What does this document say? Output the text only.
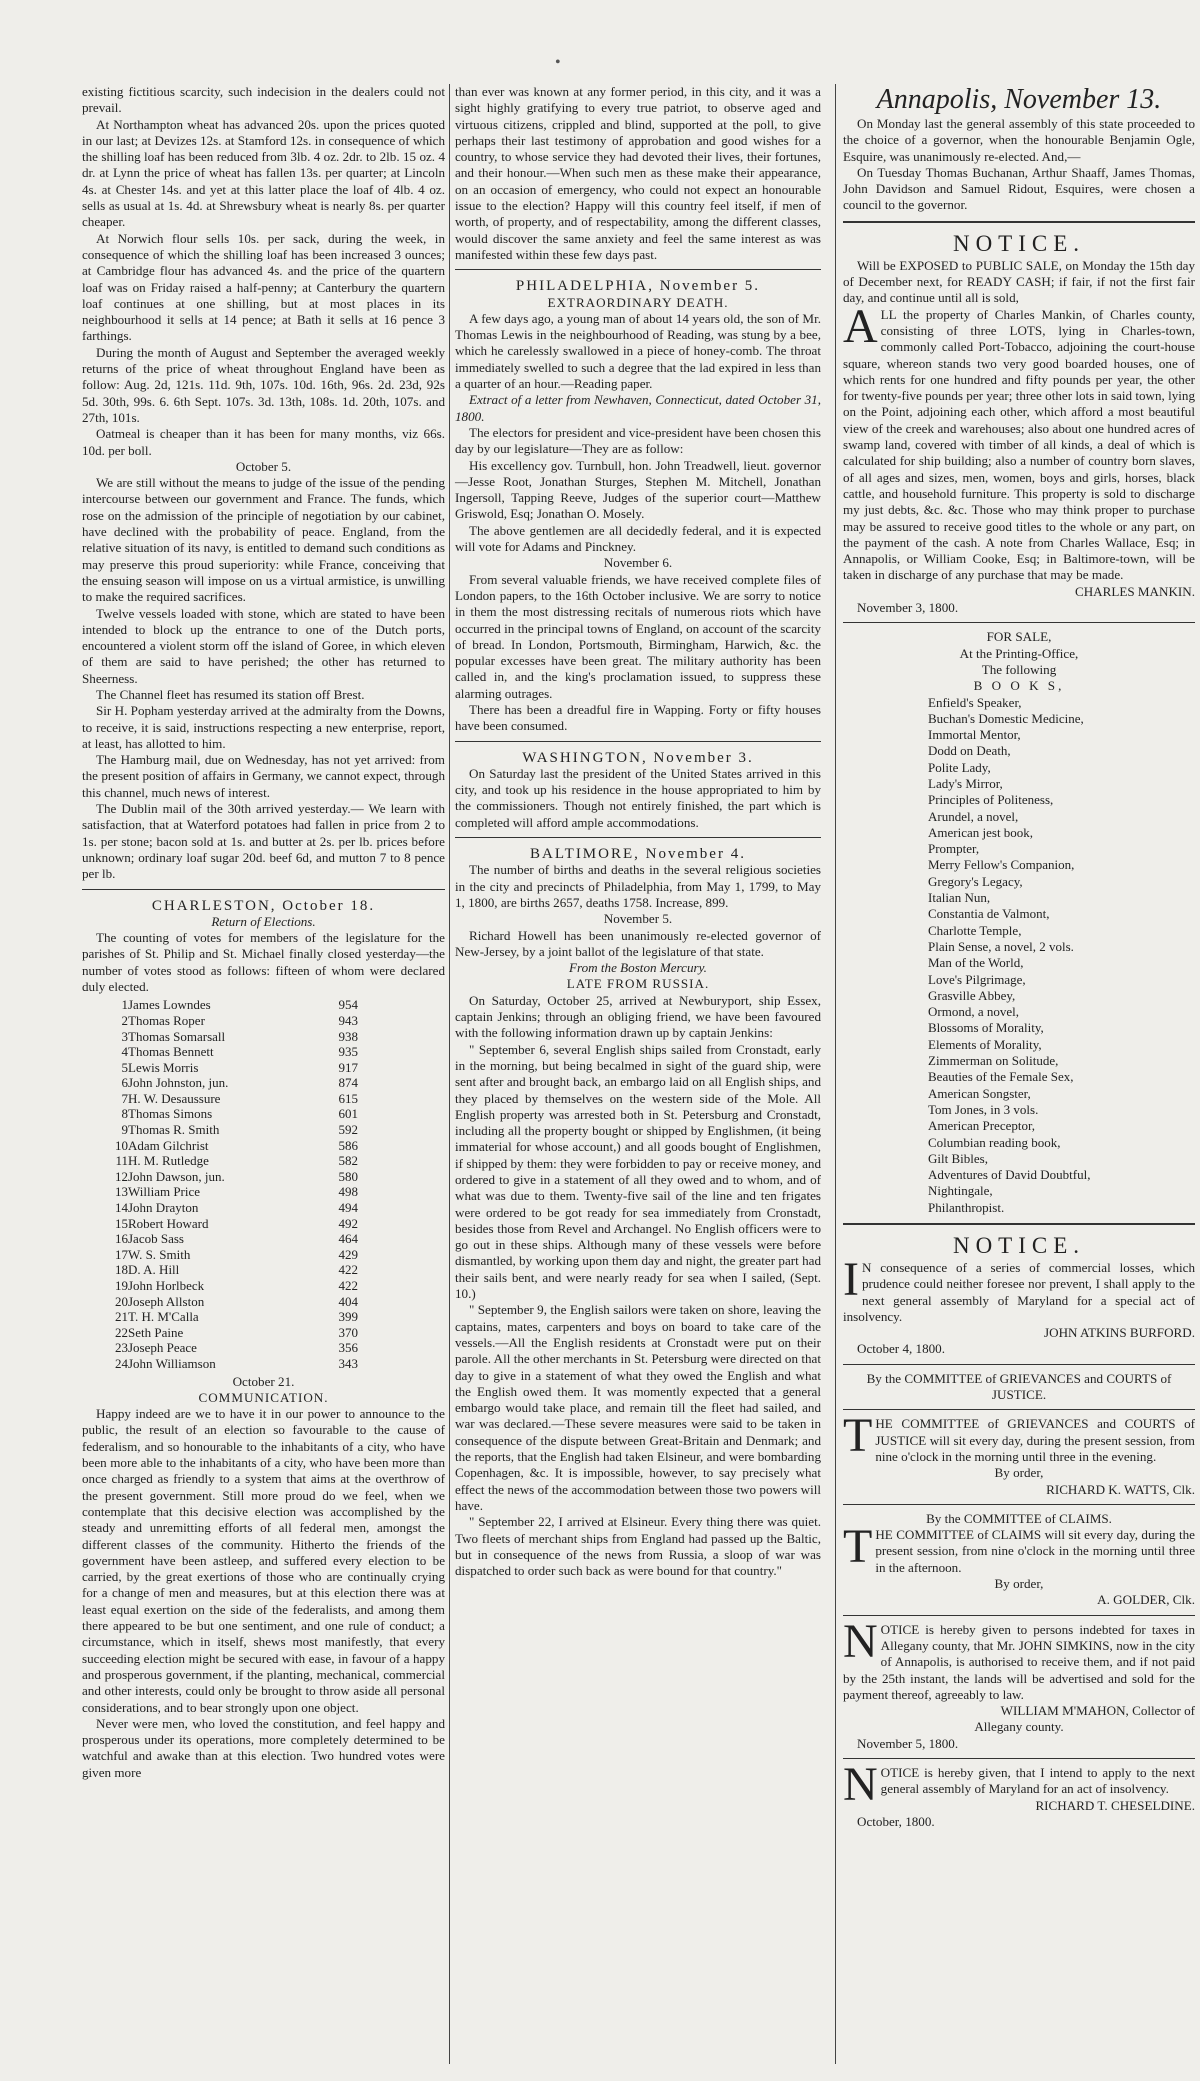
•

existing fictitious scarcity, such indecision in the dealers could not prevail.

At Northampton wheat has advanced 20s. upon the prices quoted in our last; at Devizes 12s. at Stamford 12s. in consequence of which the shilling loaf has been reduced from 3lb. 4 oz. 2dr. to 2lb. 15 oz. 4 dr. at Lynn the price of wheat has fallen 13s. per quarter; at Lincoln 4s. at Chester 14s. and yet at this latter place the loaf of 4lb. 4 oz. sells as usual at 1s. 4d. at Shrewsbury wheat is nearly 8s. per quarter cheaper.

At Norwich flour sells 10s. per sack, during the week, in consequence of which the shilling loaf has been increased 3 ounces; at Cambridge flour has advanced 4s. and the price of the quartern loaf was on Friday raised a half-penny; at Canterbury the quartern loaf continues at one shilling, but at most places in its neighbourhood it sells at 14 pence; at Bath it sells at 16 pence 3 farthings.

During the month of August and September the averaged weekly returns of the price of wheat throughout England have been as follow: Aug. 2d, 121s. 11d. 9th, 107s. 10d. 16th, 96s. 2d. 23d, 92s 5d. 30th, 99s. 6. 6th Sept. 107s. 3d. 13th, 108s. 1d. 20th, 107s. and 27th, 101s.

Oatmeal is cheaper than it has been for many months, viz 66s. 10d. per boll.

October 5.

We are still without the means to judge of the issue of the pending intercourse between our government and France. The funds, which rose on the admission of the principle of negotiation by our cabinet, have declined with the probability of peace. England, from the relative situation of its navy, is entitled to demand such conditions as may preserve this proud superiority: while France, conceiving that the ensuing season will impose on us a virtual armistice, is unwilling to make the required sacrifices.

Twelve vessels loaded with stone, which are stated to have been intended to block up the entrance to one of the Dutch ports, encountered a violent storm off the island of Goree, in which eleven of them are said to have perished; the other has returned to Sheerness.

The Channel fleet has resumed its station off Brest.

Sir H. Popham yesterday arrived at the admiralty from the Downs, to receive, it is said, instructions respecting a new enterprise, report, at least, has allotted to him.

The Hamburg mail, due on Wednesday, has not yet arrived: from the present position of affairs in Germany, we cannot expect, through this channel, much news of interest.

The Dublin mail of the 30th arrived yesterday.— We learn with satisfaction, that at Waterford potatoes had fallen in price from 2 to 1s. per stone; bacon sold at 1s. and butter at 2s. per lb. prices before unknown; ordinary loaf sugar 20d. beef 6d, and mutton 7 to 8 pence per lb.

CHARLESTON, October 18.

Return of Elections.

The counting of votes for members of the legislature for the parishes of St. Philip and St. Michael finally closed yesterday—the number of votes stood as follows: fifteen of whom were declared duly elected.

1	James Lowndes	954
2	Thomas Roper	943
3	Thomas Somarsall	938
4	Thomas Bennett	935
5	Lewis Morris	917
6	John Johnston, jun.	874
7	H. W. Desaussure	615
8	Thomas Simons	601
9	Thomas R. Smith	592
10	Adam Gilchrist	586
11	H. M. Rutledge	582
12	John Dawson, jun.	580
13	William Price	498
14	John Drayton	494
15	Robert Howard	492
16	Jacob Sass	464
17	W. S. Smith	429
18	D. A. Hill	422
19	John Horlbeck	422
20	Joseph Allston	404
21	T. H. M'Calla	399
22	Seth Paine	370
23	Joseph Peace	356
24	John Williamson	343

October 21.

COMMUNICATION.

Happy indeed are we to have it in our power to announce to the public, the result of an election so favourable to the cause of federalism, and so honourable to the inhabitants of a city, who have been more able to the inhabitants of a city, who have been more than once charged as friendly to a system that aims at the overthrow of the present government. Still more proud do we feel, when we contemplate that this decisive election was accomplished by the steady and unremitting efforts of all federal men, amongst the different classes of the community. Hitherto the friends of the government have been astleep, and suffered every election to be carried, by the great exertions of those who are continually crying for a change of men and measures, but at this election there was at least equal exertion on the side of the federalists, and among them there appeared to be but one sentiment, and one rule of conduct; a circumstance, which in itself, shews most manifestly, that every succeeding election might be secured with ease, in favour of a happy and prosperous government, if the planting, mechanical, commercial and other interests, could only be brought to throw aside all personal considerations, and to bear strongly upon one object.

Never were men, who loved the constitution, and feel happy and prosperous under its operations, more completely determined to be watchful and awake than at this election. Two hundred votes were given more

than ever was known at any former period, in this city, and it was a sight highly gratifying to every true patriot, to observe aged and virtuous citizens, crippled and blind, supported at the poll, to give perhaps their last testimony of approbation and good wishes for a country, to whose service they had devoted their lives, their fortunes, and their honour.—When such men as these make their appearance, on an occasion of emergency, who could not expect an honourable issue to the election? Happy will this country feel itself, if men of worth, of property, and of respectability, among the different classes, would discover the same anxiety and feel the same interest as was manifested within these few days past.

PHILADELPHIA, November 5.

EXTRAORDINARY DEATH.

A few days ago, a young man of about 14 years old, the son of Mr. Thomas Lewis in the neighbourhood of Reading, was stung by a bee, which he carelessly swallowed in a piece of honey-comb. The throat immediately swelled to such a degree that the lad expired in less than a quarter of an hour.—Reading paper.

Extract of a letter from Newhaven, Connecticut, dated October 31, 1800.

The electors for president and vice-president have been chosen this day by our legislature—They are as follow:

His excellency gov. Turnbull, hon. John Treadwell, lieut. governor—Jesse Root, Jonathan Sturges, Stephen M. Mitchell, Jonathan Ingersoll, Tapping Reeve, Judges of the superior court—Matthew Griswold, Esq; Jonathan O. Mosely.

The above gentlemen are all decidedly federal, and it is expected will vote for Adams and Pinckney.

November 6.

From several valuable friends, we have received complete files of London papers, to the 16th October inclusive. We are sorry to notice in them the most distressing recitals of numerous riots which have occurred in the principal towns of England, on account of the scarcity of bread. In London, Portsmouth, Birmingham, Harwich, &c. the popular excesses have been great. The military authority has been called in, and the king's proclamation issued, to suppress these alarming outrages.

There has been a dreadful fire in Wapping. Forty or fifty houses have been consumed.

WASHINGTON, November 3.

On Saturday last the president of the United States arrived in this city, and took up his residence in the house appropriated to him by the commissioners. Though not entirely finished, the part which is completed will afford ample accommodations.

BALTIMORE, November 4.

The number of births and deaths in the several religious societies in the city and precincts of Philadelphia, from May 1, 1799, to May 1, 1800, are births 2657, deaths 1758. Increase, 899.

November 5.

Richard Howell has been unanimously re-elected governor of New-Jersey, by a joint ballot of the legislature of that state.

From the Boston Mercury.

LATE FROM RUSSIA.

On Saturday, October 25, arrived at Newburyport, ship Essex, captain Jenkins; through an obliging friend, we have been favoured with the following information drawn up by captain Jenkins:

" September 6, several English ships sailed from Cronstadt, early in the morning, but being becalmed in sight of the guard ship, were sent after and brought back, an embargo laid on all English ships, and they placed by themselves on the western side of the Mole. All English property was arrested both in St. Petersburg and Cronstadt, including all the property bought or shipped by Englishmen, (it being immaterial for whose account,) and all goods bought of Englishmen, if shipped by them: they were forbidden to pay or receive money, and ordered to give in a statement of all they owed and to whom, and of what was due to them. Twenty-five sail of the line and ten frigates were ordered to be got ready for sea immediately from Cronstadt, besides those from Revel and Archangel. No English officers were to go out in these ships. Although many of these vessels were before dismantled, by working upon them day and night, the greater part had their sails bent, and were nearly ready for sea when I sailed, (Sept. 10.)

" September 9, the English sailors were taken on shore, leaving the captains, mates, carpenters and boys on board to take care of the vessels.—All the English residents at Cronstadt were put on their parole. All the other merchants in St. Petersburg were directed on that day to give in a statement of what they owed the English and what the English owed them. It was momently expected that a general embargo would take place, and remain till the fleet had sailed, and war was declared.—These severe measures were said to be taken in consequence of the dispute between Great-Britain and Denmark; and the reports, that the English had taken Elsineur, and were bombarding Copenhagen, &c. It is impossible, however, to say precisely what effect the news of the accommodation between those two powers will have.

" September 22, I arrived at Elsineur. Every thing there was quiet. Two fleets of merchant ships from England had passed up the Baltic, but in consequence of the news from Russia, a sloop of war was dispatched to order such back as were bound for that country."

Annapolis, November 13.

On Monday last the general assembly of this state proceeded to the choice of a governor, when the honourable Benjamin Ogle, Esquire, was unanimously re-elected. And,—

On Tuesday Thomas Buchanan, Arthur Shaaff, James Thomas, John Davidson and Samuel Ridout, Esquires, were chosen a council to the governor.

NOTICE.

Will be EXPOSED to PUBLIC SALE, on Monday the 15th day of December next, for READY CASH; if fair, if not the first fair day, and continue until all is sold,

ALL the property of Charles Mankin, of Charles county, consisting of three LOTS, lying in Charles-town, commonly called Port-Tobacco, adjoining the court-house square, whereon stands two very good boarded houses, one of which rents for one hundred and fifty pounds per year, the other for twenty-five pounds per year; three other lots in said town, lying on the Point, adjoining each other, which afford a most beautiful view of the creek and warehouses; also about one hundred acres of swamp land, covered with timber of all kinds, a deal of which is calculated for ship building; also a number of country born slaves, of all ages and sizes, men, women, boys and girls, horses, black cattle, and household furniture. This property is sold to discharge my just debts, &c. &c. Those who may think proper to purchase may be assured to receive good titles to the whole or any part, on the payment of the cash. A note from Charles Wallace, Esq; in Annapolis, or William Cooke, Esq; in Baltimore-town, will be taken in discharge of any purchase that may be made.

CHARLES MANKIN.

November 3, 1800.

FOR SALE,

At the Printing-Office,

The following

B O O K S,

Enfield's Speaker,
Buchan's Domestic Medicine,
Immortal Mentor,
Dodd on Death,
Polite Lady,
Lady's Mirror,
Principles of Politeness,
Arundel, a novel,
American jest book,
Prompter,
Merry Fellow's Companion,
Gregory's Legacy,
Italian Nun,
Constantia de Valmont,
Charlotte Temple,
Plain Sense, a novel, 2 vols.
Man of the World,
Love's Pilgrimage,
Grasville Abbey,
Ormond, a novel,
Blossoms of Morality,
Elements of Morality,
Zimmerman on Solitude,
Beauties of the Female Sex,
American Songster,
Tom Jones, in 3 vols.
American Preceptor,
Columbian reading book,
Gilt Bibles,
Adventures of David Doubtful,
Nightingale,
Philanthropist.

NOTICE.

I N consequence of a series of commercial losses, which prudence could neither foresee nor prevent, I shall apply to the next general assembly of Maryland for a special act of insolvency.

JOHN ATKINS BURFORD.

October 4, 1800.

By the COMMITTEE of GRIEVANCES and COURTS of JUSTICE.

THE COMMITTEE of GRIEVANCES and COURTS of JUSTICE will sit every day, during the present session, from nine o'clock in the morning until three in the evening.

By order,

RICHARD K. WATTS, Clk.

By the COMMITTEE of CLAIMS.

THE COMMITTEE of CLAIMS will sit every day, during the present session, from nine o'clock in the morning until three in the afternoon.

By order,

A. GOLDER, Clk.

NOTICE is hereby given to persons indebted for taxes in Allegany county, that Mr. JOHN SIMKINS, now in the city of Annapolis, is authorised to receive them, and if not paid by the 25th instant, the lands will be advertised and sold for the payment thereof, agreeably to law.

WILLIAM M'MAHON, Collector of

Allegany county.

November 5, 1800.

NOTICE is hereby given, that I intend to apply to the next general assembly of Maryland for an act of insolvency.

RICHARD T. CHESELDINE.

October, 1800.
